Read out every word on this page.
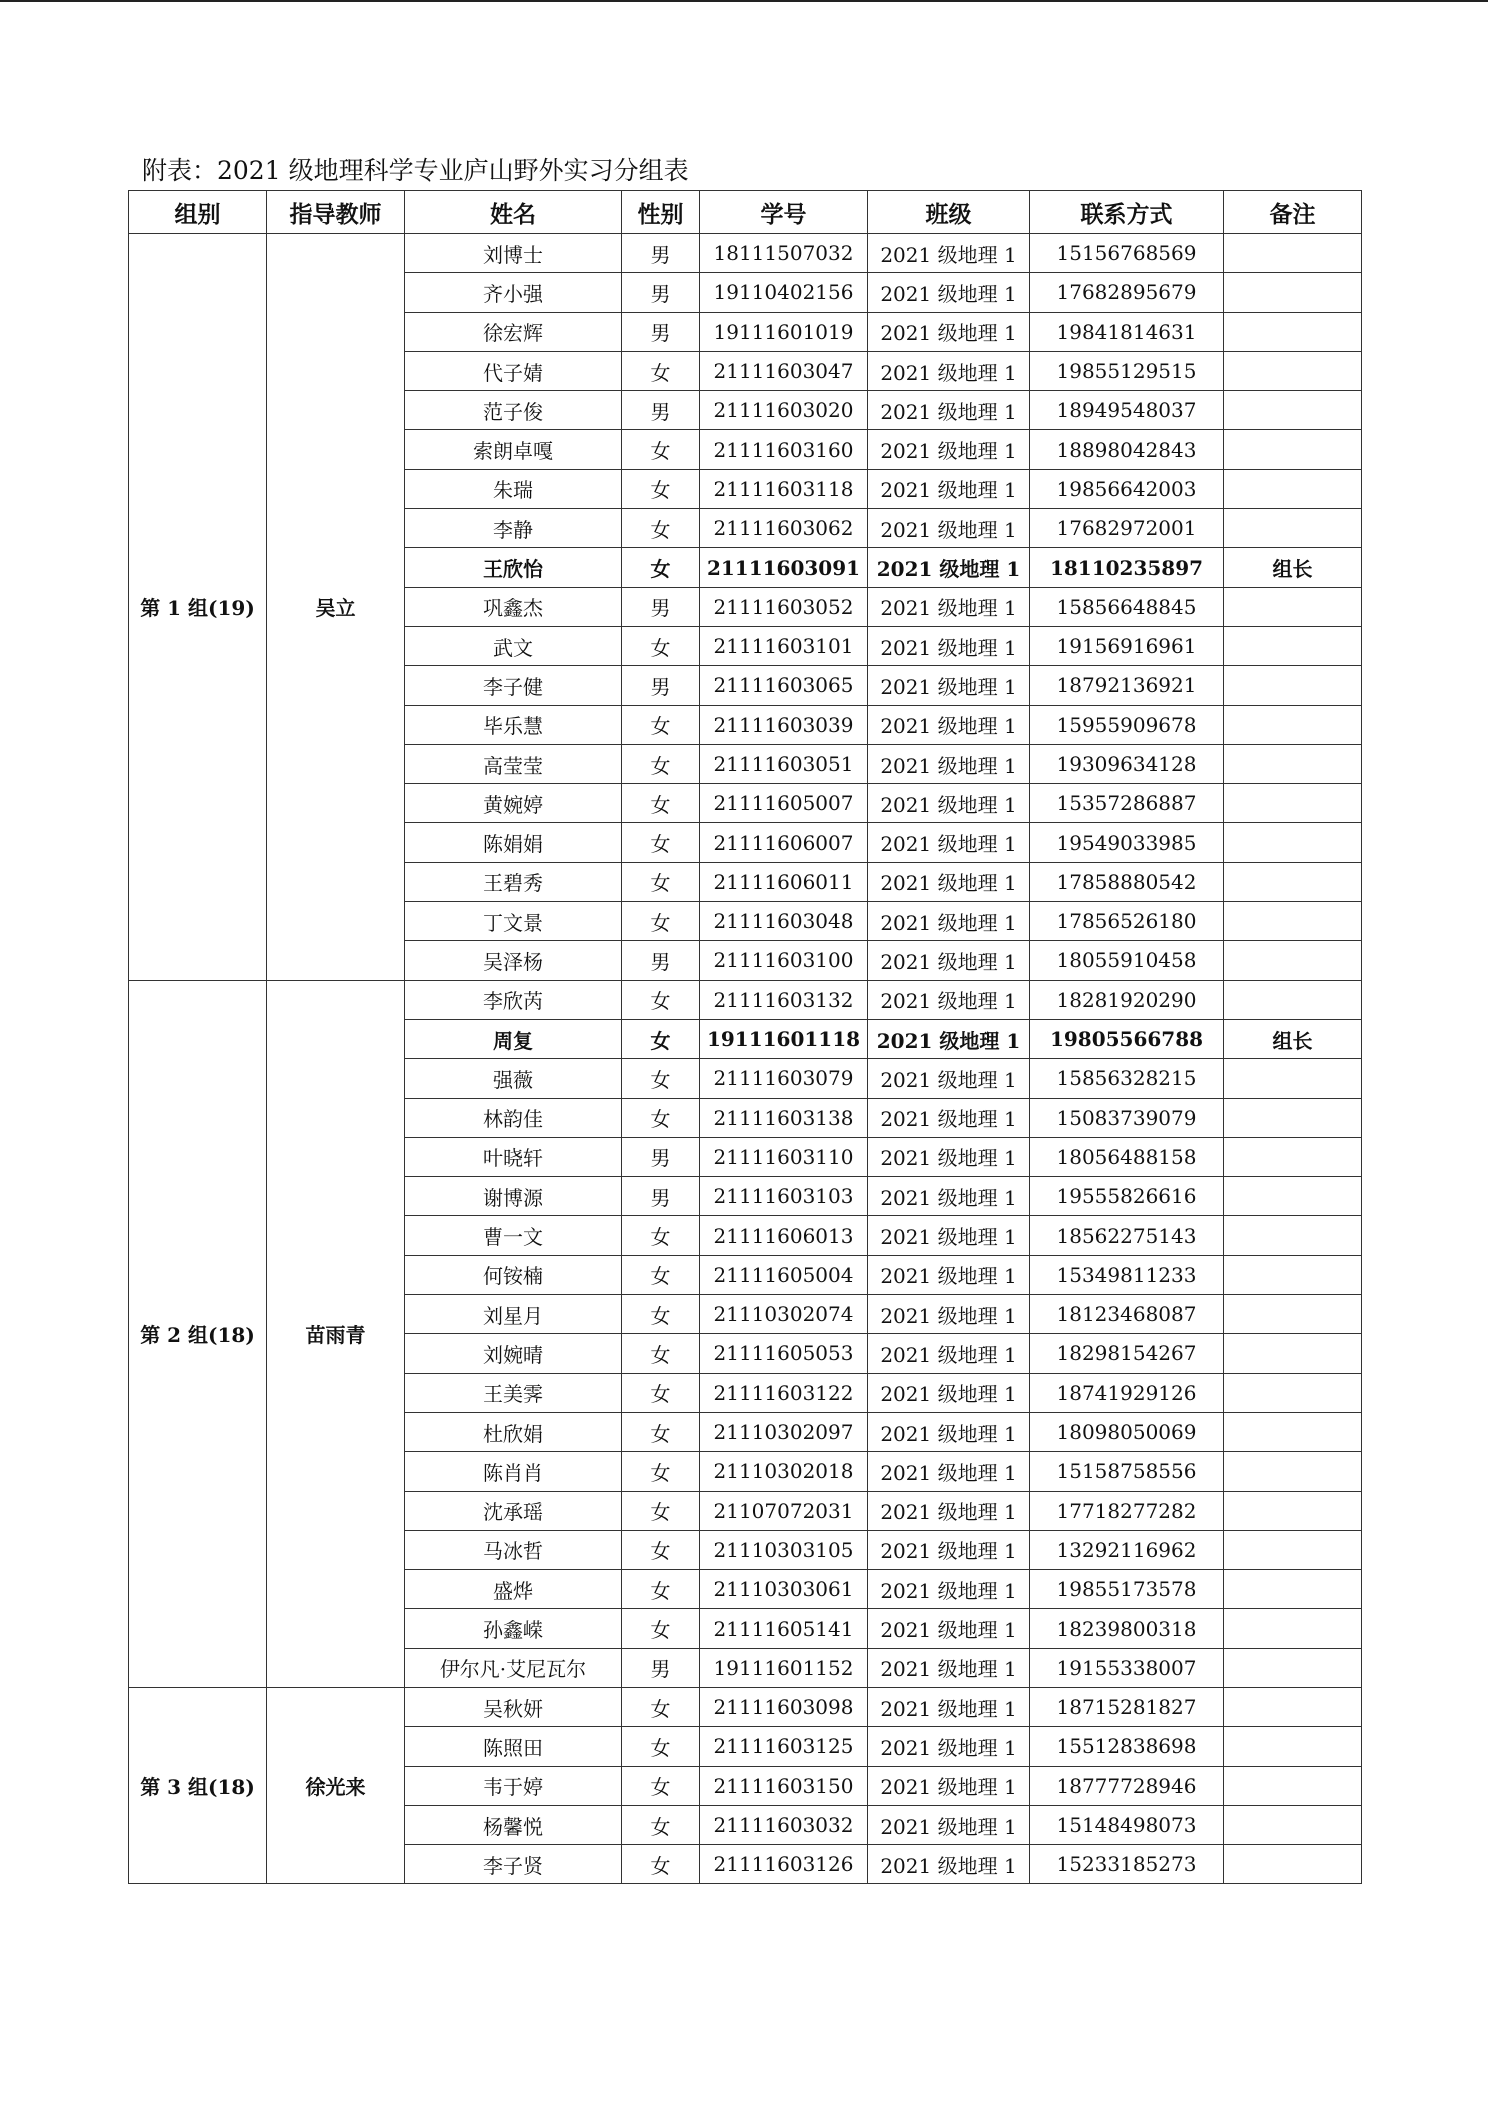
附表：2021 级地理科学专业庐山野外实习分组表
组别	指导教师	姓名	性别	学号	班级	联系方式	备注
第 1 组(19)	吴立	刘博士	男	18111507032	2021 级地理 1	15156768569	
		齐小强	男	19110402156	2021 级地理 1	17682895679	
		徐宏辉	男	19111601019	2021 级地理 1	19841814631	
		代子婧	女	21111603047	2021 级地理 1	19855129515	
		范子俊	男	21111603020	2021 级地理 1	18949548037	
		索朗卓嘎	女	21111603160	2021 级地理 1	18898042843	
		朱瑞	女	21111603118	2021 级地理 1	19856642003	
		李静	女	21111603062	2021 级地理 1	17682972001	
		王欣怡	女	21111603091	2021 级地理 1	18110235897	组长
		巩鑫杰	男	21111603052	2021 级地理 1	15856648845	
		武文	女	21111603101	2021 级地理 1	19156916961	
		李子健	男	21111603065	2021 级地理 1	18792136921	
		毕乐慧	女	21111603039	2021 级地理 1	15955909678	
		高莹莹	女	21111603051	2021 级地理 1	19309634128	
		黄婉婷	女	21111605007	2021 级地理 1	15357286887	
		陈娟娟	女	21111606007	2021 级地理 1	19549033985	
		王碧秀	女	21111606011	2021 级地理 1	17858880542	
		丁文景	女	21111603048	2021 级地理 1	17856526180	
		吴泽杨	男	21111603100	2021 级地理 1	18055910458	
第 2 组(18)	苗雨青	李欣芮	女	21111603132	2021 级地理 1	18281920290	
		周复	女	19111601118	2021 级地理 1	19805566788	组长
		强薇	女	21111603079	2021 级地理 1	15856328215	
		林韵佳	女	21111603138	2021 级地理 1	15083739079	
		叶晓轩	男	21111603110	2021 级地理 1	18056488158	
		谢博源	男	21111603103	2021 级地理 1	19555826616	
		曹一文	女	21111606013	2021 级地理 1	18562275143	
		何铵楠	女	21111605004	2021 级地理 1	15349811233	
		刘星月	女	21110302074	2021 级地理 1	18123468087	
		刘婉晴	女	21111605053	2021 级地理 1	18298154267	
		王美霁	女	21111603122	2021 级地理 1	18741929126	
		杜欣娟	女	21110302097	2021 级地理 1	18098050069	
		陈肖肖	女	21110302018	2021 级地理 1	15158758556	
		沈承瑶	女	21107072031	2021 级地理 1	17718277282	
		马冰哲	女	21110303105	2021 级地理 1	13292116962	
		盛烨	女	21110303061	2021 级地理 1	19855173578	
		孙鑫嵘	女	21111605141	2021 级地理 1	18239800318	
		伊尔凡·艾尼瓦尔	男	19111601152	2021 级地理 1	19155338007	
第 3 组(18)	徐光来	吴秋妍	女	21111603098	2021 级地理 1	18715281827	
		陈照田	女	21111603125	2021 级地理 1	15512838698	
		韦于婷	女	21111603150	2021 级地理 1	18777728946	
		杨馨悦	女	21111603032	2021 级地理 1	15148498073	
		李子贤	女	21111603126	2021 级地理 1	15233185273	
